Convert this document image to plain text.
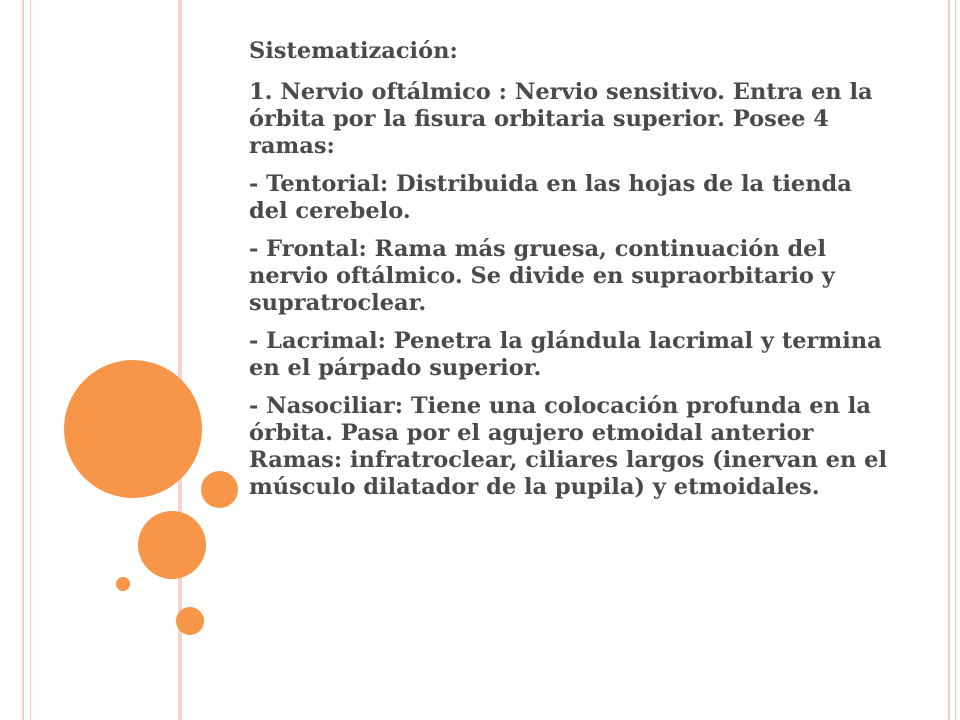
Sistematización:

1. Nervio oftálmico : Nervio sensitivo. Entra en la órbita por la fisura orbitaria superior. Posee 4 ramas:

- Tentorial: Distribuida en las hojas de la tienda del cerebelo.

- Frontal: Rama más gruesa, continuación del nervio oftálmico. Se divide en supraorbitario y supratroclear.

- Lacrimal: Penetra la glándula lacrimal y termina en el párpado superior.

- Nasociliar: Tiene una colocación profunda en la órbita. Pasa por el agujero etmoidal anterior Ramas: infratroclear, ciliares largos (inervan en el músculo dilatador de la pupila) y etmoidales.
